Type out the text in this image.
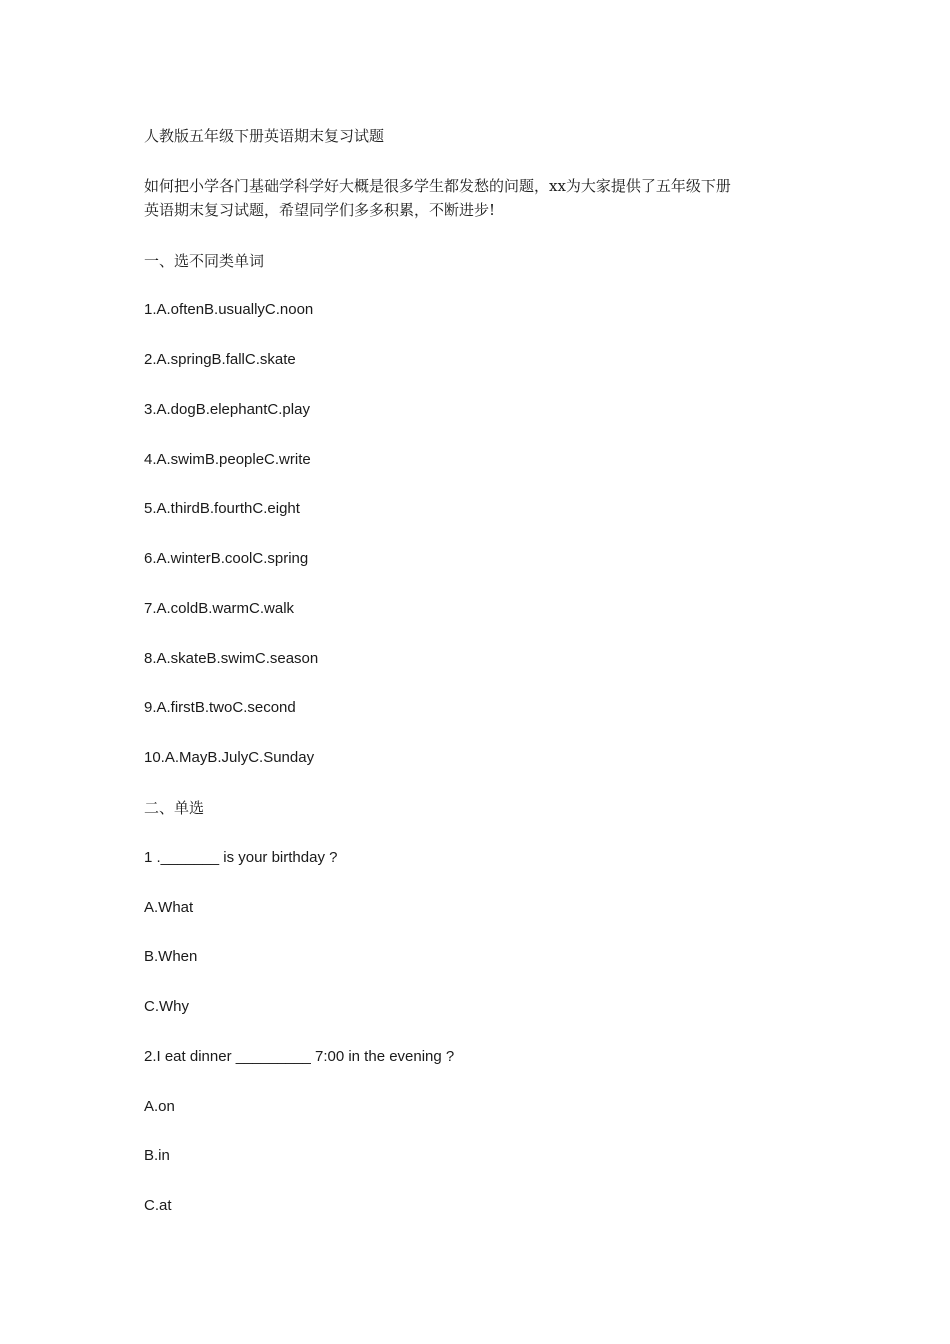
人教版五年级下册英语期末复习试题
如何把小学各门基础学科学好大概是很多学生都发愁的问题，xx为大家提供了五年级下册
英语期末复习试题，希望同学们多多积累，不断进步!
一、选不同类单词
1.A.oftenB.usuallyC.noon
2.A.springB.fallC.skate
3.A.dogB.elephantC.play
4.A.swimB.peopleC.write
5.A.thirdB.fourthC.eight
6.A.winterB.coolC.spring
7.A.coldB.warmC.walk
8.A.skateB.swimC.season
9.A.firstB.twoC.second
10.A.MayB.JulyC.Sunday
二、单选
1 ._______ is your birthday ?
A.What
B.When
C.Why
2.I eat dinner _________ 7:00 in the evening ?
A.on
B.in
C.at
